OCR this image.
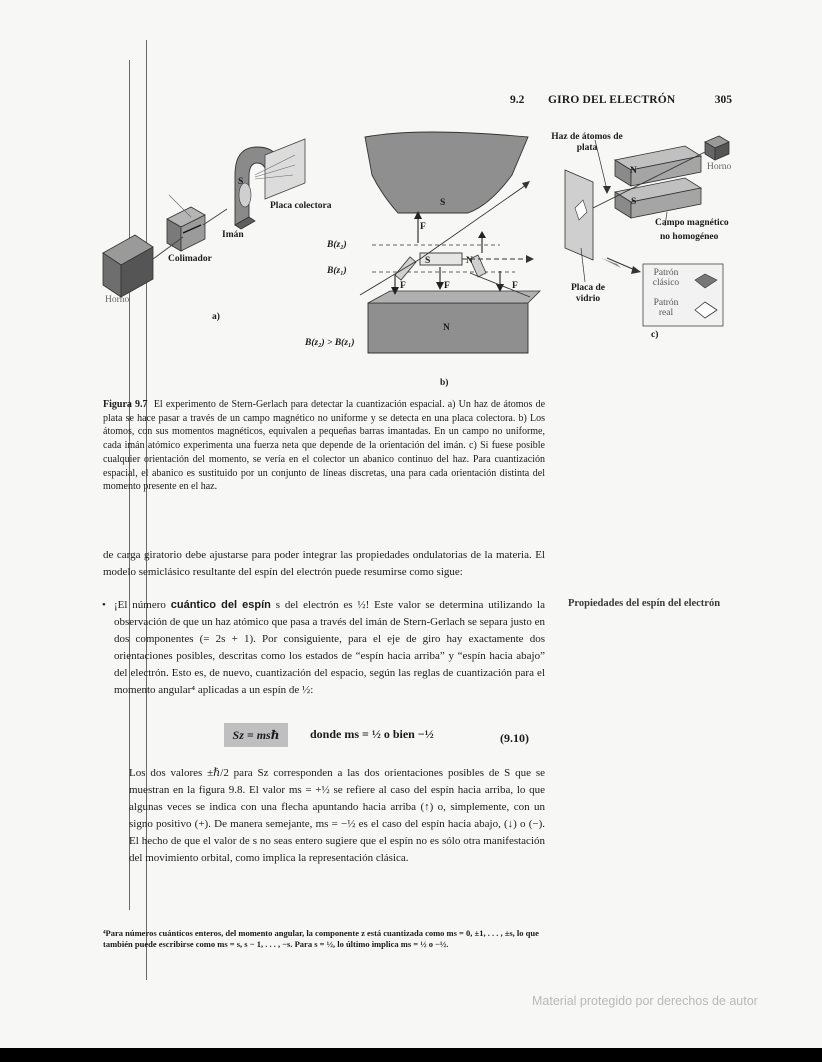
9.2	GIRO DEL ELECTRÓN	305
S
Placa colectora
Imán
Colimador
Horno
a)
S
F
B(z₂)
B(z₁)
S	N
F	F	F
N
B(z₂) > B(z₁)
b)
Haz de átomos de plata
N	Horno
S
Campo magnético
no homogéneo
Patrón clásico
Placa de vidrio	Patrón real
c)
Figura 9.7 El experimento de Stern-Gerlach para detectar la cuantización espacial. a) Un haz de átomos de plata se hace pasar a través de un campo magnético no uniforme y se detecta en una placa colectora. b) Los átomos, con sus momentos magnéticos, equivalen a pequeñas barras imantadas. En un campo no uniforme, cada imán atómico experimenta una fuerza neta que depende de la orientación del imán. c) Si fuese posible cualquier orientación del momento, se vería en el colector un abanico continuo del haz. Para cuantización espacial, el abanico es sustituido por un conjunto de líneas discretas, una para cada orientación distinta del momento presente en el haz.
de carga giratorio debe ajustarse para poder integrar las propiedades ondulatorias de la materia. El modelo semiclásico resultante del espín del electrón puede resumirse como sigue:
• ¡El número cuántico del espín s del electrón es ½! Este valor se determina utilizando la observación de que un haz atómico que pasa a través del imán de Stern-Gerlach se separa justo en dos componentes (= 2s + 1). Por consiguiente, para el eje de giro hay exactamente dos orientaciones posibles, descritas como los estados de “espín hacia arriba” y “espín hacia abajo” del electrón. Esto es, de nuevo, cuantización del espacio, según las reglas de cuantización para el momento angular⁴ aplicadas a un espín de ½:
Propiedades del espín del electrón
Sz = msℏ	donde ms = ½ o bien −½	(9.10)
Los dos valores ±ℏ/2 para Sz corresponden a las dos orientaciones posibles de S que se muestran en la figura 9.8. El valor ms = +½ se refiere al caso del espín hacia arriba, lo que algunas veces se indica con una flecha apuntando hacia arriba (↑) o, simplemente, con un signo positivo (+). De manera semejante, ms = −½ es el caso del espín hacia abajo, (↓) o (−). El hecho de que el valor de s no seas entero sugiere que el espín no es sólo otra manifestación del movimiento orbital, como implica la representación clásica.
⁴Para números cuánticos enteros, del momento angular, la componente z está cuantizada como ms = 0, ±1, . . . , ±s, lo que también puede escribirse como ms = s, s − 1, . . . , −s. Para s = ½, lo último implica ms = ½ o −½.
Material protegido por derechos de autor
